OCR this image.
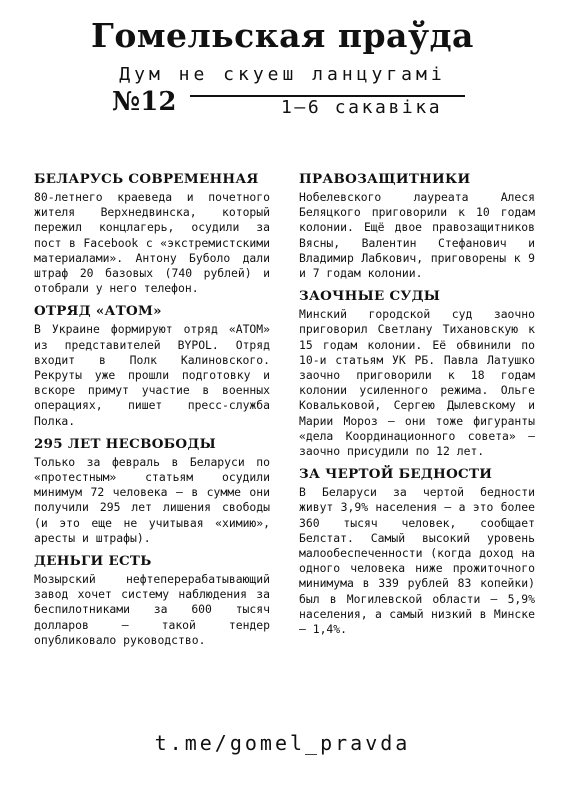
Гомельская праўда
Дум не скуеш ланцугамі
№12	1—6 сакавіка
БЕЛАРУСЬ СОВРЕМЕННАЯ

80-летнего краеведа и почетного жителя Верхнедвинска, который пережил концлагерь, осудили за пост в Facebook с «экстремистскими материалами». Антону Буболо дали штраф 20 базовых (740 рублей) и отобрали у него телефон.

ОТРЯД «АТОМ»

В Украине формируют отряд «АТОМ» из представителей BYPOL. Отряд входит в Полк Калиновского. Рекруты уже прошли подготовку и вскоре примут участие в военных операциях, пишет пресс-служба Полка.

295 ЛЕТ НЕСВОБОДЫ

Только за февраль в Беларуси по «протестным» статьям осудили минимум 72 человека — в сумме они получили 295 лет лишения свободы (и это еще не учитывая «химию», аресты и штрафы).

ДЕНЬГИ ЕСТЬ

Мозырский нефтеперерабатывающий завод хочет систему наблюдения за беспилотниками за 600 тысяч долларов — такой тендер опубликовало руководство.

ПРАВОЗАЩИТНИКИ

Нобелевского лауреата Алеся Беляцкого приговорили к 10 годам колонии. Ещё двое правозащитников Вясны, Валентин Стефанович и Владимир Лабкович, приговорены к 9 и 7 годам колонии.

ЗАОЧНЫЕ СУДЫ

Минский городской суд заочно приговорил Светлану Тихановскую к 15 годам колонии. Её обвинили по 10-и статьям УК РБ. Павла Латушко заочно приговорили к 18 годам колонии усиленного режима. Ольге Ковальковой, Сергею Дылевскому и Марии Мороз — они тоже фигуранты «дела Координационного совета» — заочно присудили по 12 лет.

ЗА ЧЕРТОЙ БЕДНОСТИ

В Беларуси за чертой бедности живут 3,9% населения — а это более 360 тысяч человек, сообщает Белстат. Самый высокий уровень малообеспеченности (когда доход на одного человека ниже прожиточного минимума в 339 рублей 83 копейки) был в Могилевской области — 5,9% населения, а самый низкий в Минске — 1,4%.

t.me/gomel_pravda
